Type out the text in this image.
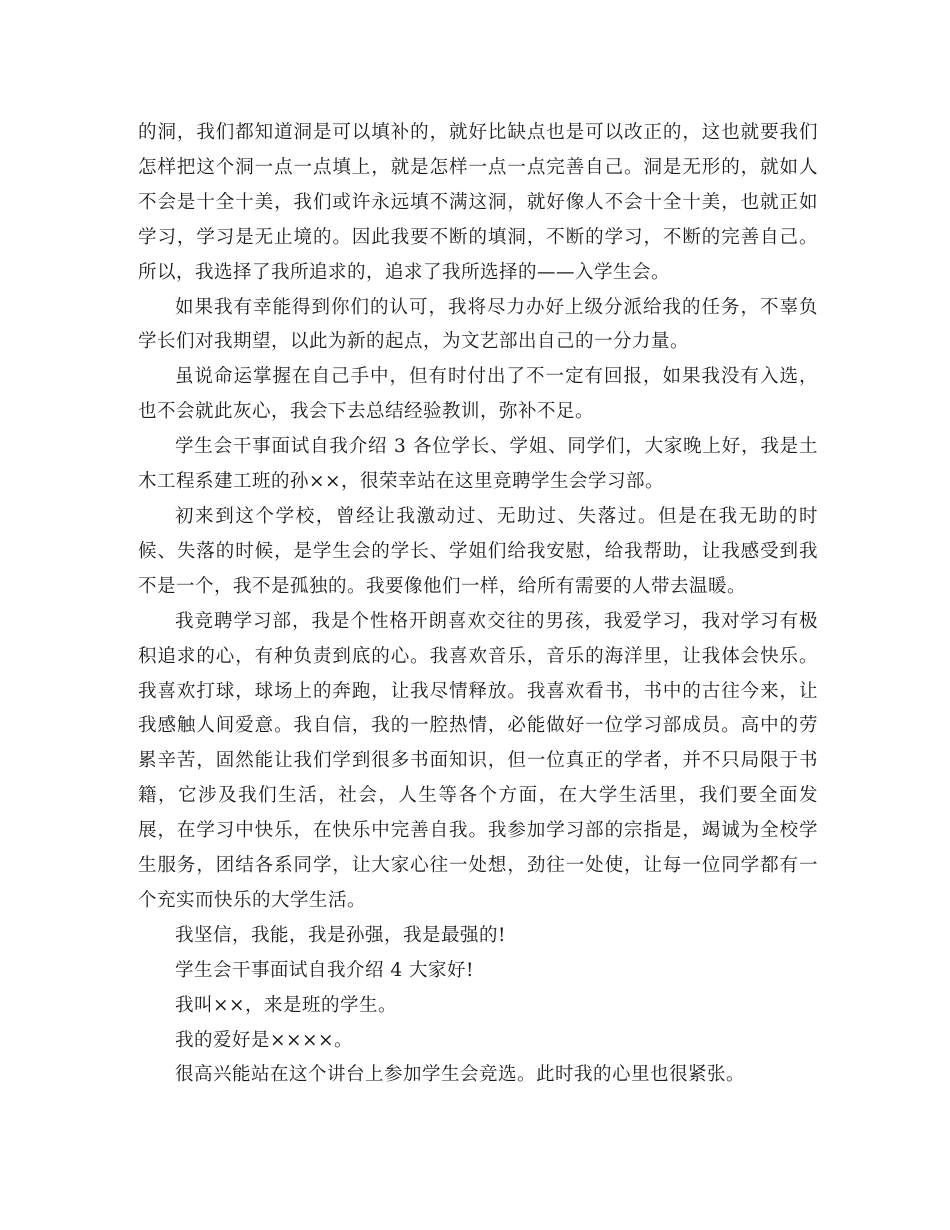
的洞，我们都知道洞是可以填补的，就好比缺点也是可以改正的，这也就要我们怎样把这个洞一点一点填上，就是怎样一点一点完善自己。洞是无形的，就如人不会是十全十美，我们或许永远填不满这洞，就好像人不会十全十美，也就正如学习，学习是无止境的。因此我要不断的填洞，不断的学习，不断的完善自己。所以，我选择了我所追求的，追求了我所选择的——入学生会。

如果我有幸能得到你们的认可，我将尽力办好上级分派给我的任务，不辜负学长们对我期望，以此为新的起点，为文艺部出自己的一分力量。

虽说命运掌握在自己手中，但有时付出了不一定有回报，如果我没有入选，也不会就此灰心，我会下去总结经验教训，弥补不足。

学生会干事面试自我介绍 3 各位学长、学姐、同学们，大家晚上好，我是土木工程系建工班的孙××，很荣幸站在这里竞聘学生会学习部。

初来到这个学校，曾经让我激动过、无助过、失落过。但是在我无助的时候、失落的时候，是学生会的学长、学姐们给我安慰，给我帮助，让我感受到我不是一个，我不是孤独的。我要像他们一样，给所有需要的人带去温暖。

我竞聘学习部，我是个性格开朗喜欢交往的男孩，我爱学习，我对学习有极积追求的心，有种负责到底的心。我喜欢音乐，音乐的海洋里，让我体会快乐。我喜欢打球，球场上的奔跑，让我尽情释放。我喜欢看书，书中的古往今来，让我感触人间爱意。我自信，我的一腔热情，必能做好一位学习部成员。高中的劳累辛苦，固然能让我们学到很多书面知识，但一位真正的学者，并不只局限于书籍，它涉及我们生活，社会，人生等各个方面，在大学生活里，我们要全面发展，在学习中快乐，在快乐中完善自我。我参加学习部的宗指是，竭诚为全校学生服务，团结各系同学，让大家心往一处想，劲往一处使，让每一位同学都有一个充实而快乐的大学生活。

我坚信，我能，我是孙强，我是最强的!

学生会干事面试自我介绍 4 大家好!

我叫××，来是班的学生。

我的爱好是××××。

很高兴能站在这个讲台上参加学生会竞选。此时我的心里也很紧张。
